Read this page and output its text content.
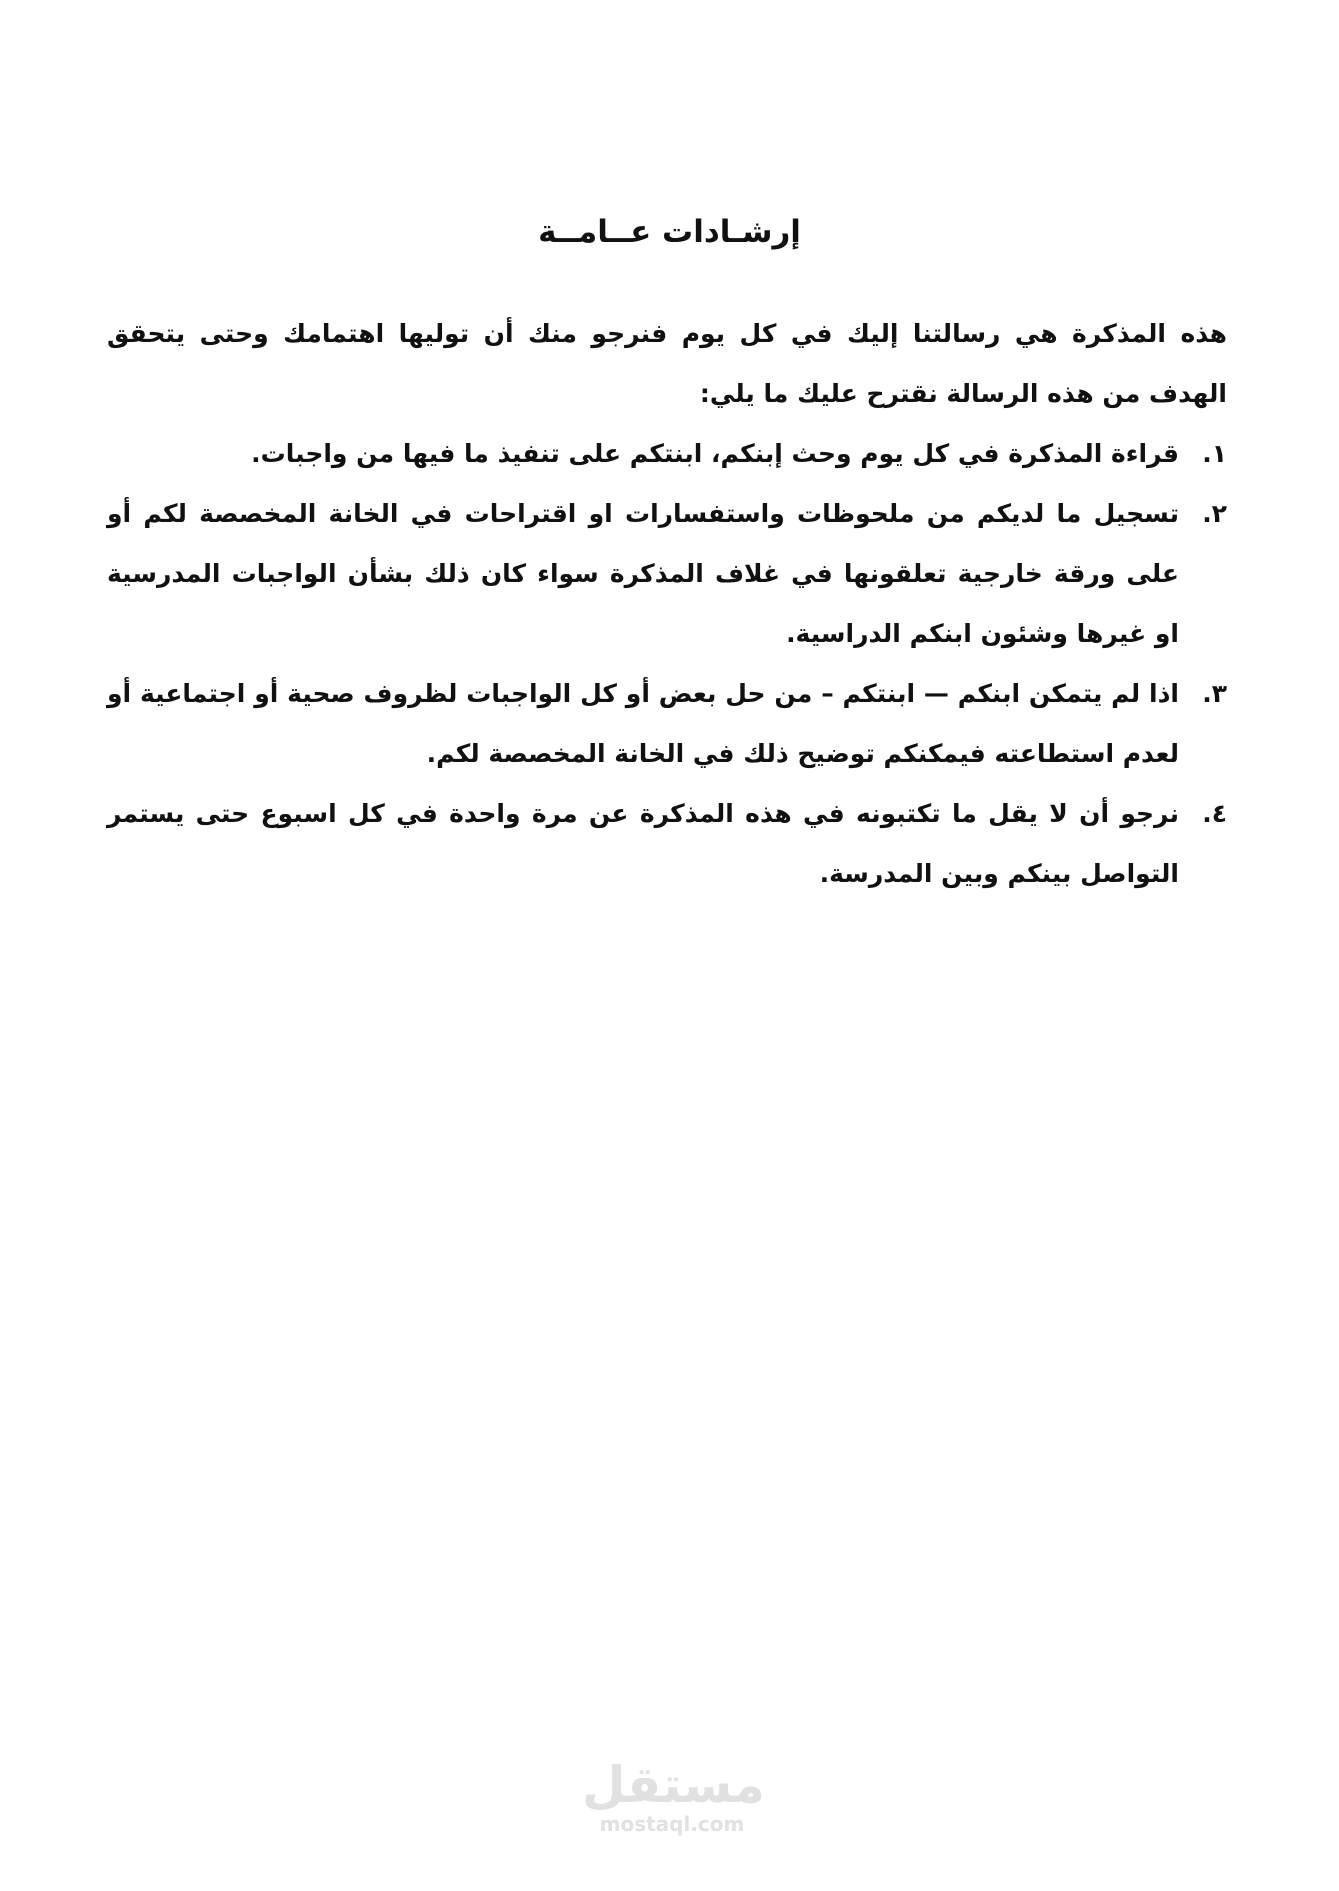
إرشـادات عــامــة

هذه المذكرة هي رسالتنا إليك في كل يوم فنرجو منك أن توليها اهتمامك وحتى يتحقق الهدف من هذه الرسالة نقترح عليك ما يلي:

١.
قراءة المذكرة في كل يوم وحث إبنكم، ابنتكم على تنفيذ ما فيها من واجبات.
٢.
تسجيل ما لديكم من ملحوظات واستفسارات او اقتراحات في الخانة المخصصة لكم أو على ورقة خارجية تعلقونها في غلاف المذكرة سواء كان ذلك بشأن الواجبات المدرسية او غيرها وشئون ابنكم الدراسية.
٣.
اذا لم يتمكن ابنكم — ابنتكم – من حل بعض أو كل الواجبات لظروف صحية أو اجتماعية أو لعدم استطاعته فيمكنكم توضيح ذلك في الخانة المخصصة لكم.
٤.
نرجو أن لا يقل ما تكتبونه في هذه المذكرة عن مرة واحدة في كل اسبوع حتى يستمر التواصل بينكم وبين المدرسة.
مستقل
mostaql.com
